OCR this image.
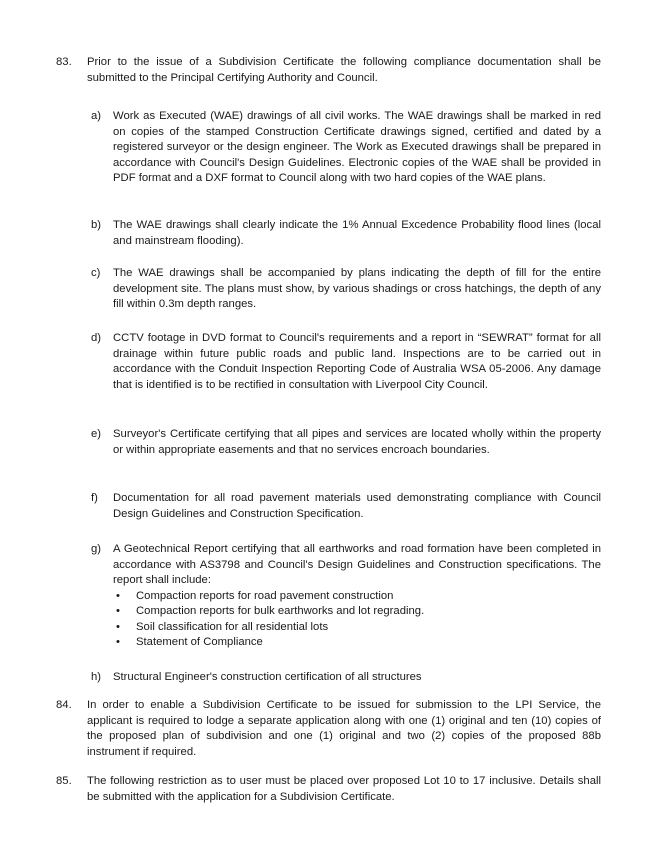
83. Prior to the issue of a Subdivision Certificate the following compliance documentation shall be submitted to the Principal Certifying Authority and Council.
a) Work as Executed (WAE) drawings of all civil works. The WAE drawings shall be marked in red on copies of the stamped Construction Certificate drawings signed, certified and dated by a registered surveyor or the design engineer. The Work as Executed drawings shall be prepared in accordance with Council's Design Guidelines. Electronic copies of the WAE shall be provided in PDF format and a DXF format to Council along with two hard copies of the WAE plans.
b) The WAE drawings shall clearly indicate the 1% Annual Excedence Probability flood lines (local and mainstream flooding).
c) The WAE drawings shall be accompanied by plans indicating the depth of fill for the entire development site. The plans must show, by various shadings or cross hatchings, the depth of any fill within 0.3m depth ranges.
d) CCTV footage in DVD format to Council's requirements and a report in “SEWRAT” format for all drainage within future public roads and public land. Inspections are to be carried out in accordance with the Conduit Inspection Reporting Code of Australia WSA 05-2006. Any damage that is identified is to be rectified in consultation with Liverpool City Council.
e) Surveyor's Certificate certifying that all pipes and services are located wholly within the property or within appropriate easements and that no services encroach boundaries.
f) Documentation for all road pavement materials used demonstrating compliance with Council Design Guidelines and Construction Specification.
g) A Geotechnical Report certifying that all earthworks and road formation have been completed in accordance with AS3798 and Council's Design Guidelines and Construction specifications. The report shall include:
• Compaction reports for road pavement construction
• Compaction reports for bulk earthworks and lot regrading.
• Soil classification for all residential lots
• Statement of Compliance
h) Structural Engineer's construction certification of all structures
84. In order to enable a Subdivision Certificate to be issued for submission to the LPI Service, the applicant is required to lodge a separate application along with one (1) original and ten (10) copies of the proposed plan of subdivision and one (1) original and two (2) copies of the proposed 88b instrument if required.
85. The following restriction as to user must be placed over proposed Lot 10 to 17 inclusive. Details shall be submitted with the application for a Subdivision Certificate.
